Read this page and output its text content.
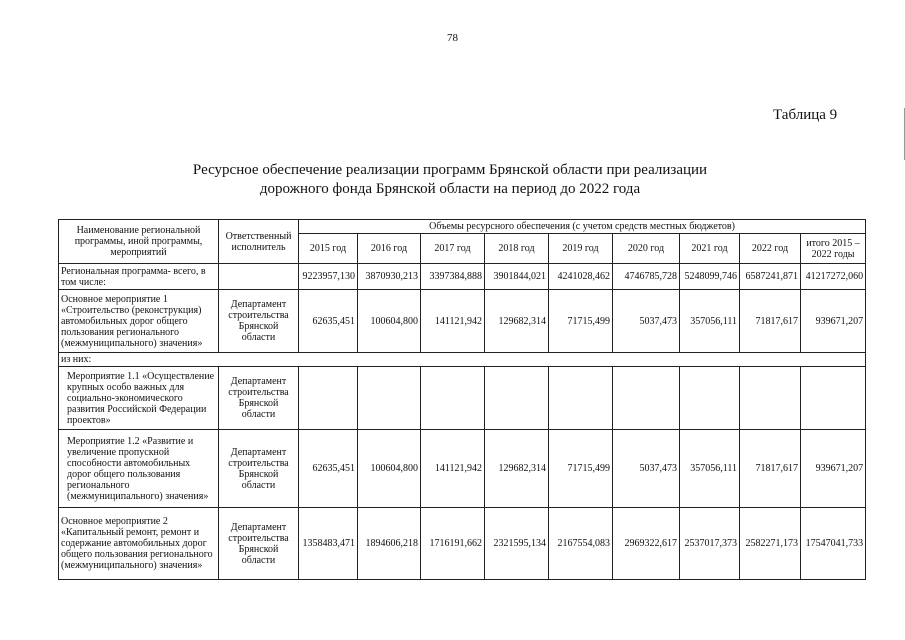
78
Таблица 9
Ресурсное обеспечение реализации программ Брянской области при реализации
дорожного фонда Брянской области на период до 2022 года
Наименование региональной программы, иной программы, мероприятий	Ответственный исполнитель	Объемы ресурсного обеспечения (с учетом средств местных бюджетов)								
		2015 год	2016 год	2017 год	2018 год	2019 год	2020 год	2021 год	2022 год	итого 2015 – 2022 годы
Региональная программа- всего, в том числе:		9223957,130	3870930,213	3397384,888	3901844,021	4241028,462	4746785,728	5248099,746	6587241,871	41217272,060
Основное мероприятие 1 «Строительство (реконструкция) автомобильных дорог общего пользования регионального (межмуниципального) значения»	Департамент строительства Брянской области	62635,451	100604,800	141121,942	129682,314	71715,499	5037,473	357056,111	71817,617	939671,207
из них:										
Мероприятие 1.1 «Осуществление крупных особо важных для социально-экономического развития Российской Федерации проектов»	Департамент строительства Брянской области									
Мероприятие 1.2 «Развитие и увеличение пропускной способности автомобильных дорог общего пользования регионального (межмуниципального) значения»	Департамент строительства Брянской области	62635,451	100604,800	141121,942	129682,314	71715,499	5037,473	357056,111	71817,617	939671,207
Основное мероприятие 2 «Капитальный ремонт, ремонт и содержание автомобильных дорог общего пользования регионального (межмуниципального) значения»	Департамент строительства Брянской области	1358483,471	1894606,218	1716191,662	2321595,134	2167554,083	2969322,617	2537017,373	2582271,173	17547041,733
